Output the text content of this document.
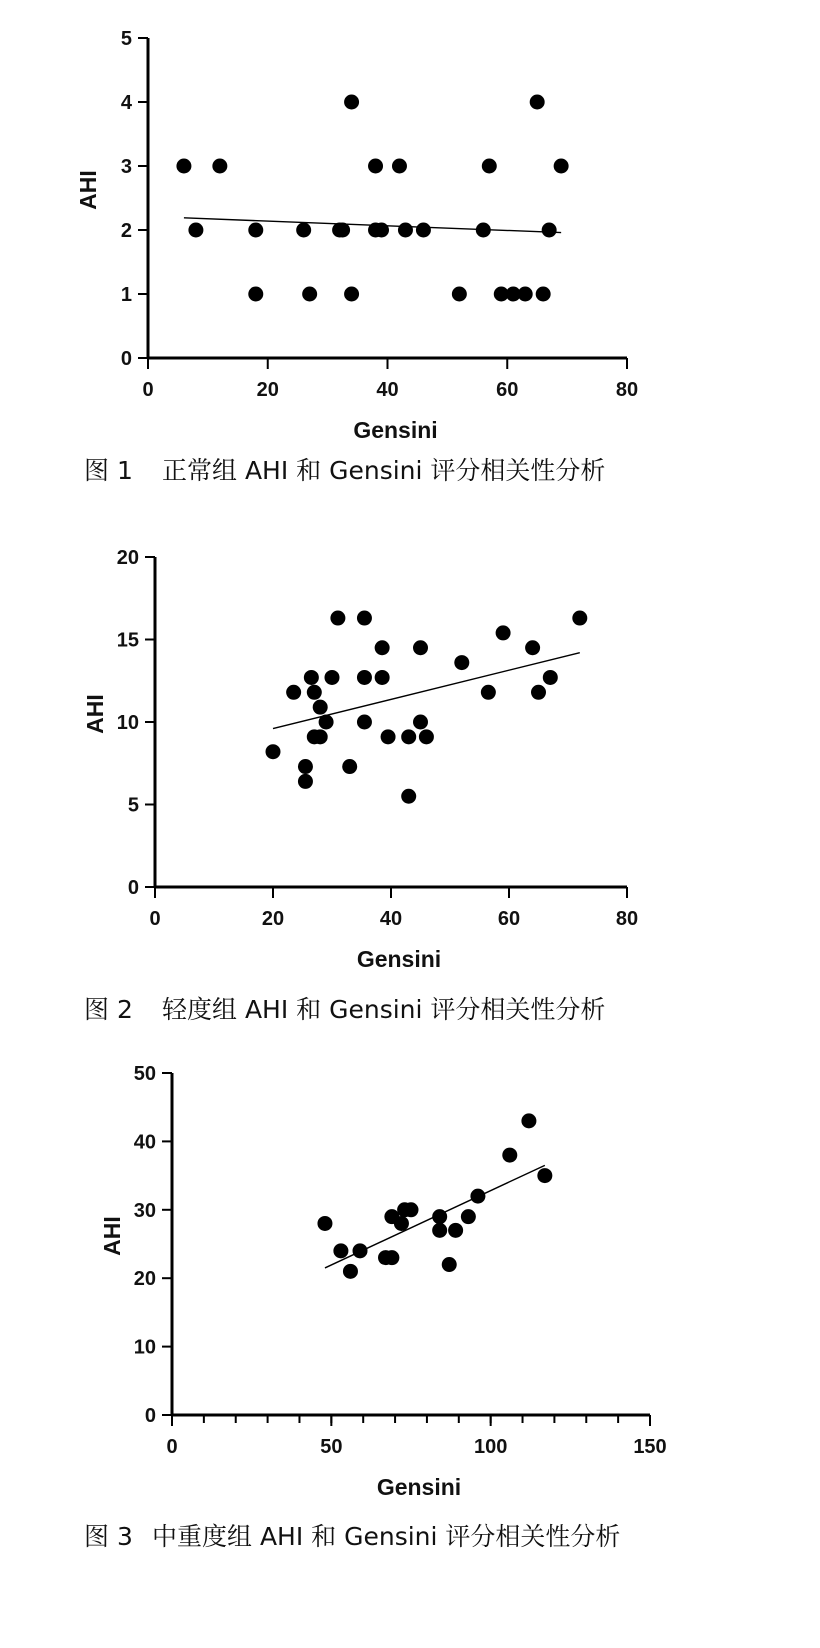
0	20	40	60	80
0
1
2
3
4
5
Gensini
AHI
图 1 正常组 AHI 和 Gensini 评分相关性分析
0	20	40	60	80
0
5
10
15
20
Gensini
AHI
图 2 轻度组 AHI 和 Gensini 评分相关性分析
0	50	100	150
0
10
20
30
40
50
Gensini
AHI
图 3 中重度组 AHI 和 Gensini 评分相关性分析
